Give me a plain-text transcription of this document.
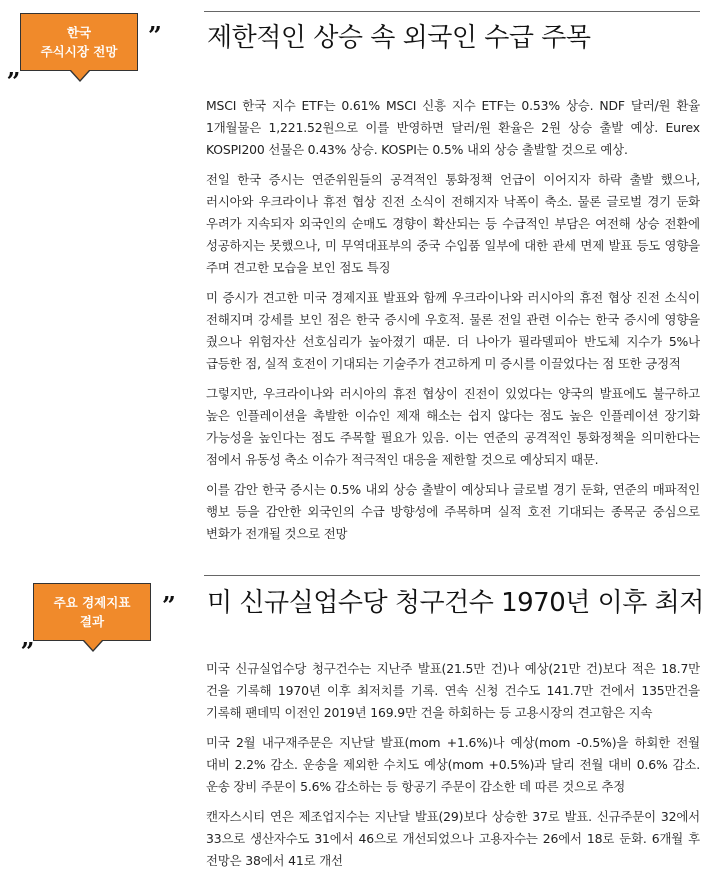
한국
주식시장 전망
”
„
제한적인 상승 속 외국인 수급 주목

MSCI 한국 지수 ETF는 0.61% MSCI 신흥 지수 ETF는 0.53% 상승. NDF 달러/원 환율 1개월물은 1,221.52원으로 이를 반영하면 달러/원 환율은 2원 상승 출발 예상. Eurex KOSPI200 선물은 0.43% 상승. KOSPI는 0.5% 내외 상승 출발할 것으로 예상.

전일 한국 증시는 연준위원들의 공격적인 통화정책 언급이 이어지자 하락 출발 했으나, 러시아와 우크라이나 휴전 협상 진전 소식이 전해지자 낙폭이 축소. 물론 글로벌 경기 둔화 우려가 지속되자 외국인의 순매도 경향이 확산되는 등 수급적인 부담은 여전해 상승 전환에 성공하지는 못했으나, 미 무역대표부의 중국 수입품 일부에 대한 관세 면제 발표 등도 영향을 주며 견고한 모습을 보인 점도 특징

미 증시가 견고한 미국 경제지표 발표와 함께 우크라이나와 러시아의 휴전 협상 진전 소식이 전해지며 강세를 보인 점은 한국 증시에 우호적. 물론 전일 관련 이슈는 한국 증시에 영향을 줬으나 위험자산 선호심리가 높아졌기 때문. 더 나아가 필라델피아 반도체 지수가 5%나 급등한 점, 실적 호전이 기대되는 기술주가 견고하게 미 증시를 이끌었다는 점 또한 긍정적

그렇지만, 우크라이나와 러시아의 휴전 협상이 진전이 있었다는 양국의 발표에도 불구하고 높은 인플레이션을 촉발한 이슈인 제재 해소는 쉽지 않다는 점도 높은 인플레이션 장기화 가능성을 높인다는 점도 주목할 필요가 있음. 이는 연준의 공격적인 통화정책을 의미한다는 점에서 유동성 축소 이슈가 적극적인 대응을 제한할 것으로 예상되지 때문.

이를 감안 한국 증시는 0.5% 내외 상승 출발이 예상되나 글로벌 경기 둔화, 연준의 매파적인 행보 등을 감안한 외국인의 수급 방향성에 주목하며 실적 호전 기대되는 종목군 중심으로 변화가 전개될 것으로 전망

주요 경제지표
결과
”
„
미 신규실업수당 청구건수 1970년 이후 최저

미국 신규실업수당 청구건수는 지난주 발표(21.5만 건)나 예상(21만 건)보다 적은 18.7만 건을 기록해 1970년 이후 최저치를 기록. 연속 신청 건수도 141.7만 건에서 135만건을 기록해 팬데믹 이전인 2019년 169.9만 건을 하회하는 등 고용시장의 견고함은 지속

미국 2월 내구재주문은 지난달 발표(mom +1.6%)나 예상(mom -0.5%)을 하회한 전월 대비 2.2% 감소. 운송을 제외한 수치도 예상(mom +0.5%)과 달리 전월 대비 0.6% 감소. 운송 장비 주문이 5.6% 감소하는 등 항공기 주문이 감소한 데 따른 것으로 추정

캔자스시티 연은 제조업지수는 지난달 발표(29)보다 상승한 37로 발표. 신규주문이 32에서 33으로 생산자수도 31에서 46으로 개선되었으나 고용자수는 26에서 18로 둔화. 6개월 후 전망은 38에서 41로 개선
